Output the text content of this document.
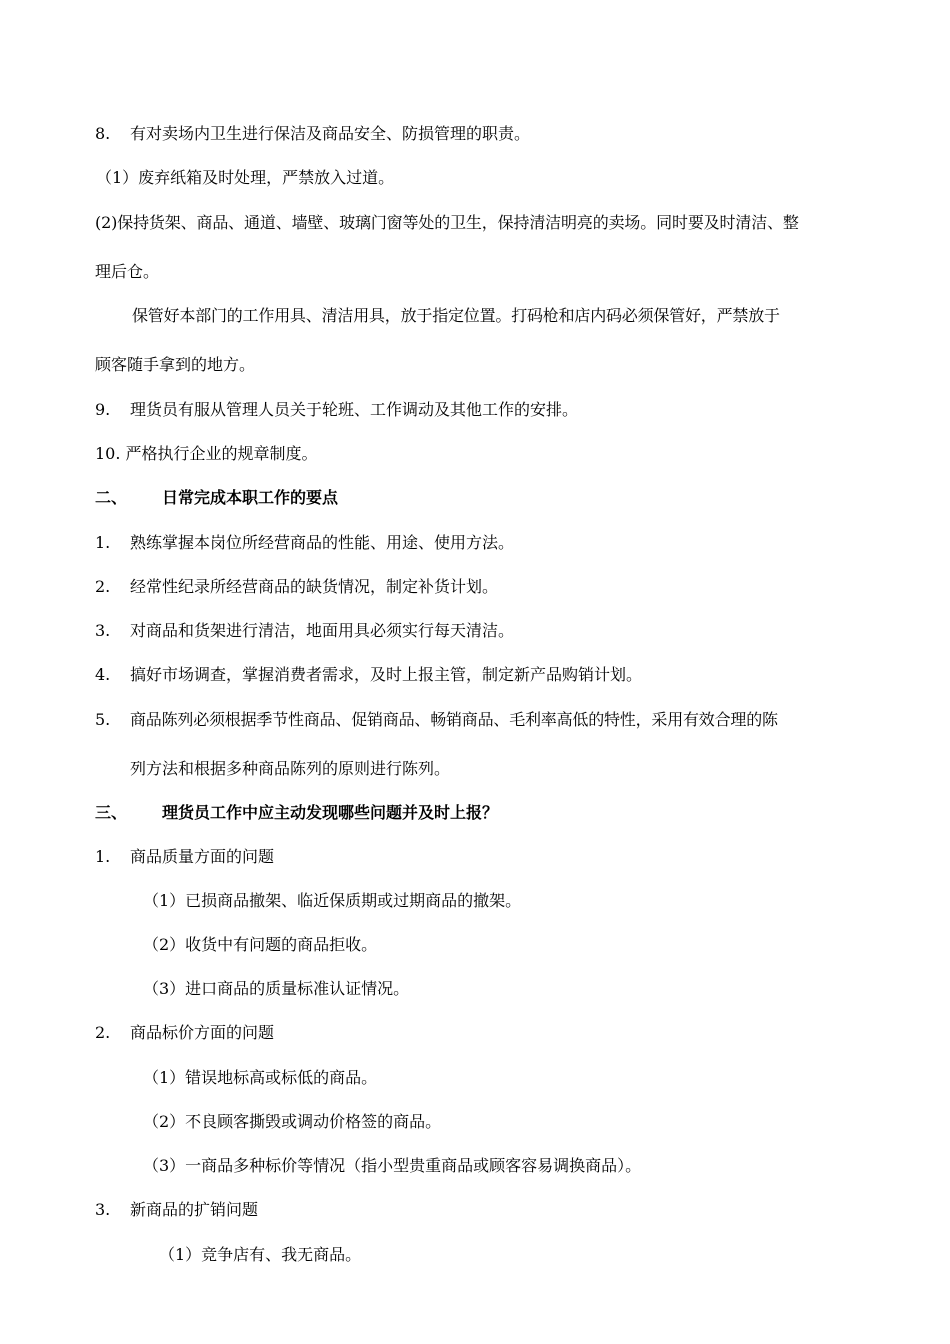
8. 有对卖场内卫生进行保洁及商品安全、防损管理的职责。
（1）废弃纸箱及时处理，严禁放入过道。
(2)保持货架、商品、通道、墙壁、玻璃门窗等处的卫生，保持清洁明亮的卖场。同时要及时清洁、整
理后仓。
保管好本部门的工作用具、清洁用具，放于指定位置。打码枪和店内码必须保管好，严禁放于
顾客随手拿到的地方。
9. 理货员有服从管理人员关于轮班、工作调动及其他工作的安排。
10. 严格执行企业的规章制度。
二、 日常完成本职工作的要点
1. 熟练掌握本岗位所经营商品的性能、用途、使用方法。
2. 经常性纪录所经营商品的缺货情况，制定补货计划。
3. 对商品和货架进行清洁，地面用具必须实行每天清洁。
4. 搞好市场调查，掌握消费者需求，及时上报主管，制定新产品购销计划。
5. 商品陈列必须根据季节性商品、促销商品、畅销商品、毛利率高低的特性，采用有效合理的陈
列方法和根据多种商品陈列的原则进行陈列。
三、 理货员工作中应主动发现哪些问题并及时上报？
1. 商品质量方面的问题
（1）已损商品撤架、临近保质期或过期商品的撤架。
（2）收货中有问题的商品拒收。
（3）进口商品的质量标准认证情况。
2. 商品标价方面的问题
（1）错误地标高或标低的商品。
（2）不良顾客撕毁或调动价格签的商品。
（3）一商品多种标价等情况（指小型贵重商品或顾客容易调换商品）。
3. 新商品的扩销问题
（1）竞争店有、我无商品。
